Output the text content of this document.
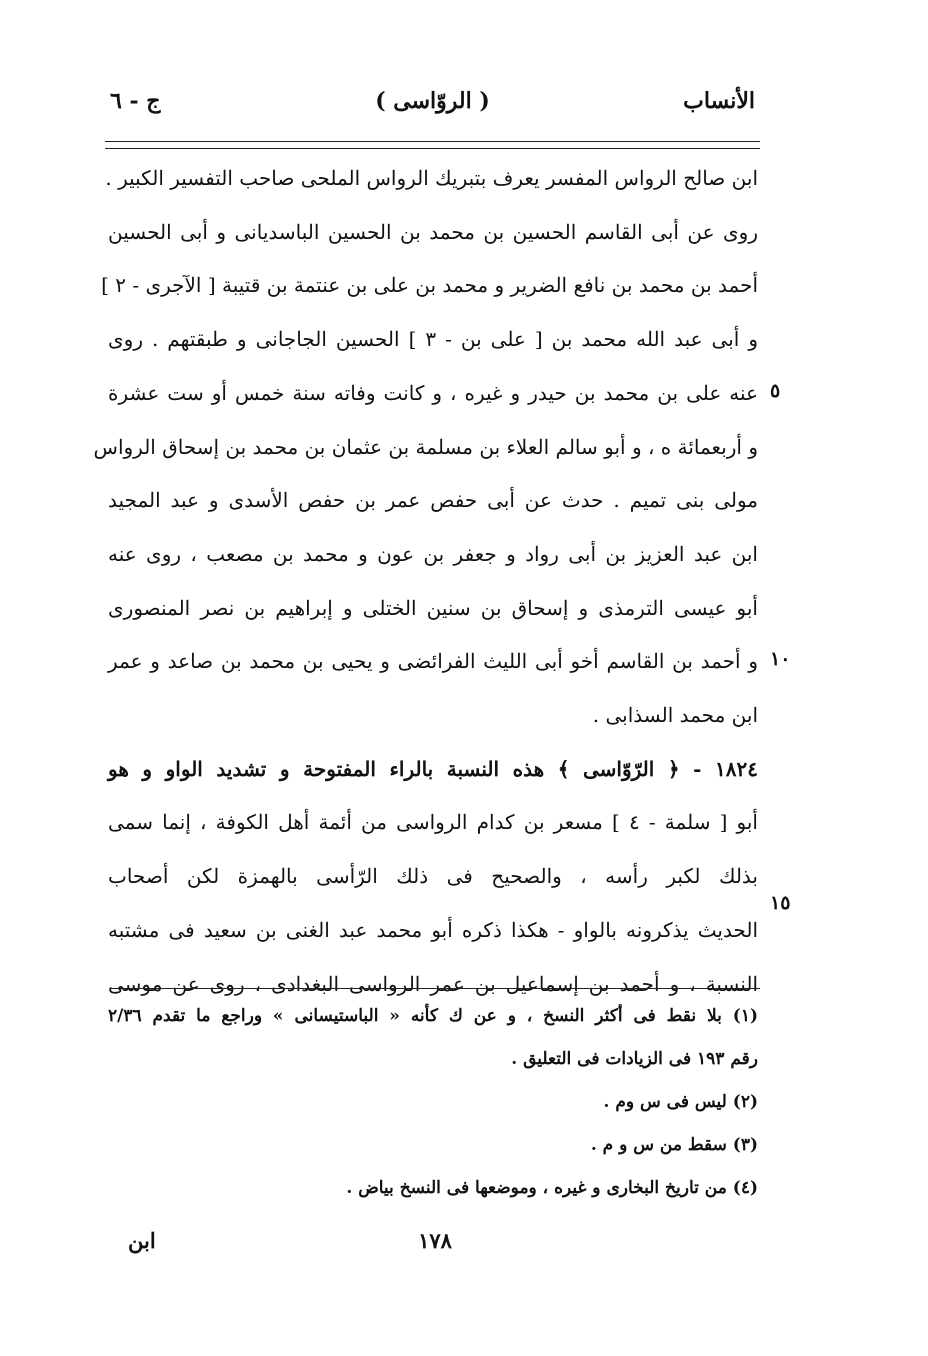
الأنساب
( الروّاسى )
ج - ٦

ابن صالح الرواس المفسر يعرف بتبريك الرواس الملحى صاحب التفسير الكبير .

روى عن أبى القاسم الحسين بن محمد بن الحسين الباسديانى و أبى الحسين

أحمد بن محمد بن نافع الضرير و محمد بن على بن عنتمة بن قتيبة [ الآجرى - ٢ ]

و أبى عبد الله محمد بن [ على بن - ٣ ] الحسين الجاجانى و طبقتهم . روى

عنه على بن محمد بن حيدر و غيره ، و كانت وفاته سنة خمس أو ست عشرة

و أربعمائة ه ، و أبو سالم العلاء بن مسلمة بن عثمان بن محمد بن إسحاق الرواس

مولى بنى تميم . حدث عن أبى حفص عمر بن حفص الأسدى و عبد المجيد

ابن عبد العزيز بن أبى رواد و جعفر بن عون و محمد بن مصعب ، روى عنه

أبو عيسى الترمذى و إسحاق بن سنين الختلى و إبراهيم بن نصر المنصورى

و أحمد بن القاسم أخو أبى الليث الفرائضى و يحيى بن محمد بن صاعد و عمر

ابن محمد السذابى .

١٨٢٤ - ﴿ الرّوّاسى ﴾ هذه النسبة بالراء المفتوحة و تشديد الواو و هو

أبو [ سلمة - ٤ ] مسعر بن كدام الرواسى من أئمة أهل الكوفة ، إنما سمى

بذلك لكبر رأسه ، والصحيح فى ذلك الرّأسى بالهمزة لكن أصحاب

الحديث يذكرونه بالواو - هكذا ذكره أبو محمد عبد الغنى بن سعيد فى مشتبه

النسبة ، و أحمد بن إسماعيل بن عمر الرواسى البغدادى ، روى عن موسى

٥
١٠
١٥

(١) بلا نقط فى أكثر النسخ ، و عن ك كأنه « الباستيسانى » وراجع ما تقدم ٢/٣٦

رقم ١٩٣ فى الزيادات فى التعليق .

(٢) ليس فى س وم .

(٣) سقط من س و م .

(٤) من تاريخ البخارى و غيره ، وموضعها فى النسخ بياض .

١٧٨
ابن
